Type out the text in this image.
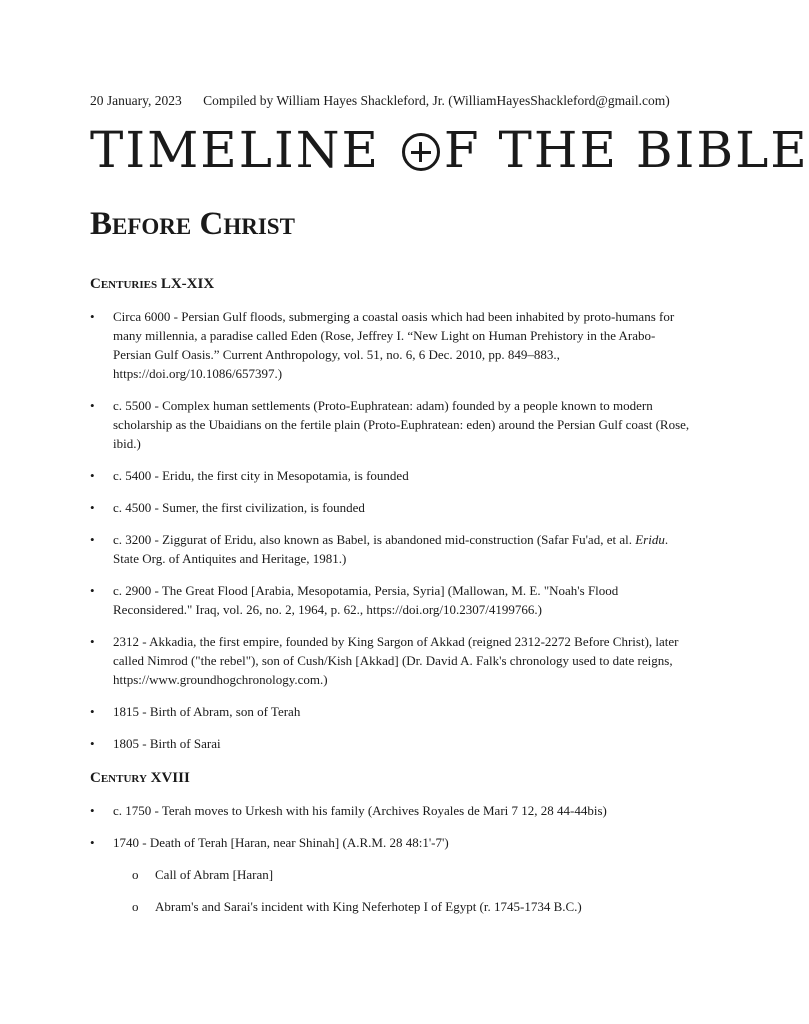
20 January, 2023 Compiled by William Hayes Shackleford, Jr. (WilliamHayesShackleford@gmail.com)
TIMELINE F THE BIBLE
Before Christ
Centuries LX-XIX
• Circa 6000 - Persian Gulf floods, submerging a coastal oasis which had been inhabited by proto-humans for many millennia, a paradise called Eden (Rose, Jeffrey I. “New Light on Human Prehistory in the Arabo-Persian Gulf Oasis.” Current Anthropology, vol. 51, no. 6, 6 Dec. 2010, pp. 849–883., https://doi.org/10.1086/657397.)
• c. 5500 - Complex human settlements (Proto-Euphratean: adam) founded by a people known to modern scholarship as the Ubaidians on the fertile plain (Proto-Euphratean: eden) around the Persian Gulf coast (Rose, ibid.)
• c. 5400 - Eridu, the first city in Mesopotamia, is founded
• c. 4500 - Sumer, the first civilization, is founded
• c. 3200 - Ziggurat of Eridu, also known as Babel, is abandoned mid-construction (Safar Fu'ad, et al. Eridu. State Org. of Antiquites and Heritage, 1981.)
• c. 2900 - The Great Flood [Arabia, Mesopotamia, Persia, Syria] (Mallowan, M. E. "Noah's Flood Reconsidered." Iraq, vol. 26, no. 2, 1964, p. 62., https://doi.org/10.2307/4199766.)
• 2312 - Akkadia, the first empire, founded by King Sargon of Akkad (reigned 2312-2272 Before Christ), later called Nimrod ("the rebel"), son of Cush/Kish [Akkad] (Dr. David A. Falk's chronology used to date reigns, https://www.groundhogchronology.com.)
• 1815 - Birth of Abram, son of Terah
• 1805 - Birth of Sarai
Century XVIII
• c. 1750 - Terah moves to Urkesh with his family (Archives Royales de Mari 7 12, 28 44-44bis)
• 1740 - Death of Terah [Haran, near Shinah] (A.R.M. 28 48:1'-7')
o Call of Abram [Haran]
o Abram's and Sarai's incident with King Neferhotep I of Egypt (r. 1745-1734 B.C.)
